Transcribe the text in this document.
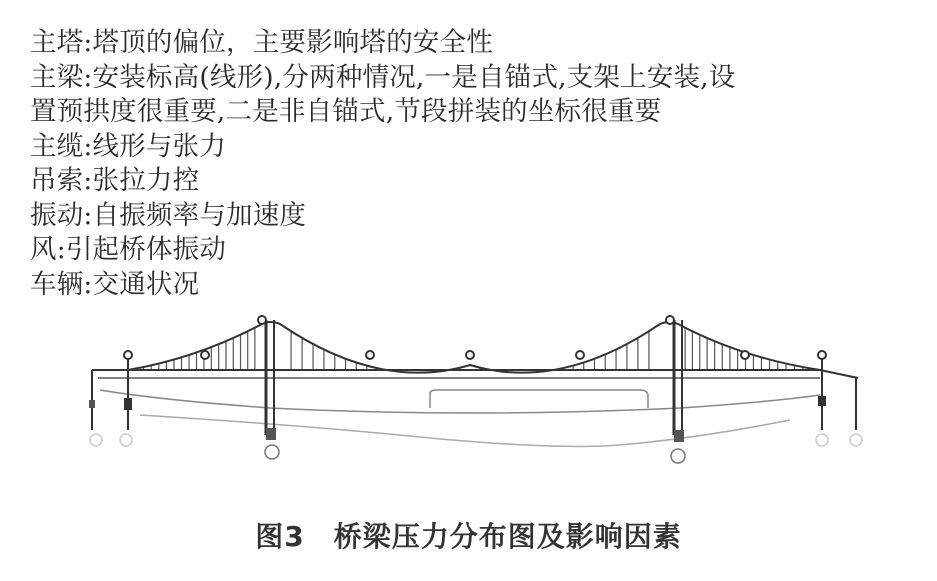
主塔:塔顶的偏位，主要影响塔的安全性
主梁:安装标高(线形),分两种情况,一是自锚式,支架上安装,设
置预拱度很重要,二是非自锚式,节段拼装的坐标很重要
主缆:线形与张力
吊索:张拉力控
振动:自振频率与加速度
风:引起桥体振动
车辆:交通状况
图3　桥梁压力分布图及影响因素
